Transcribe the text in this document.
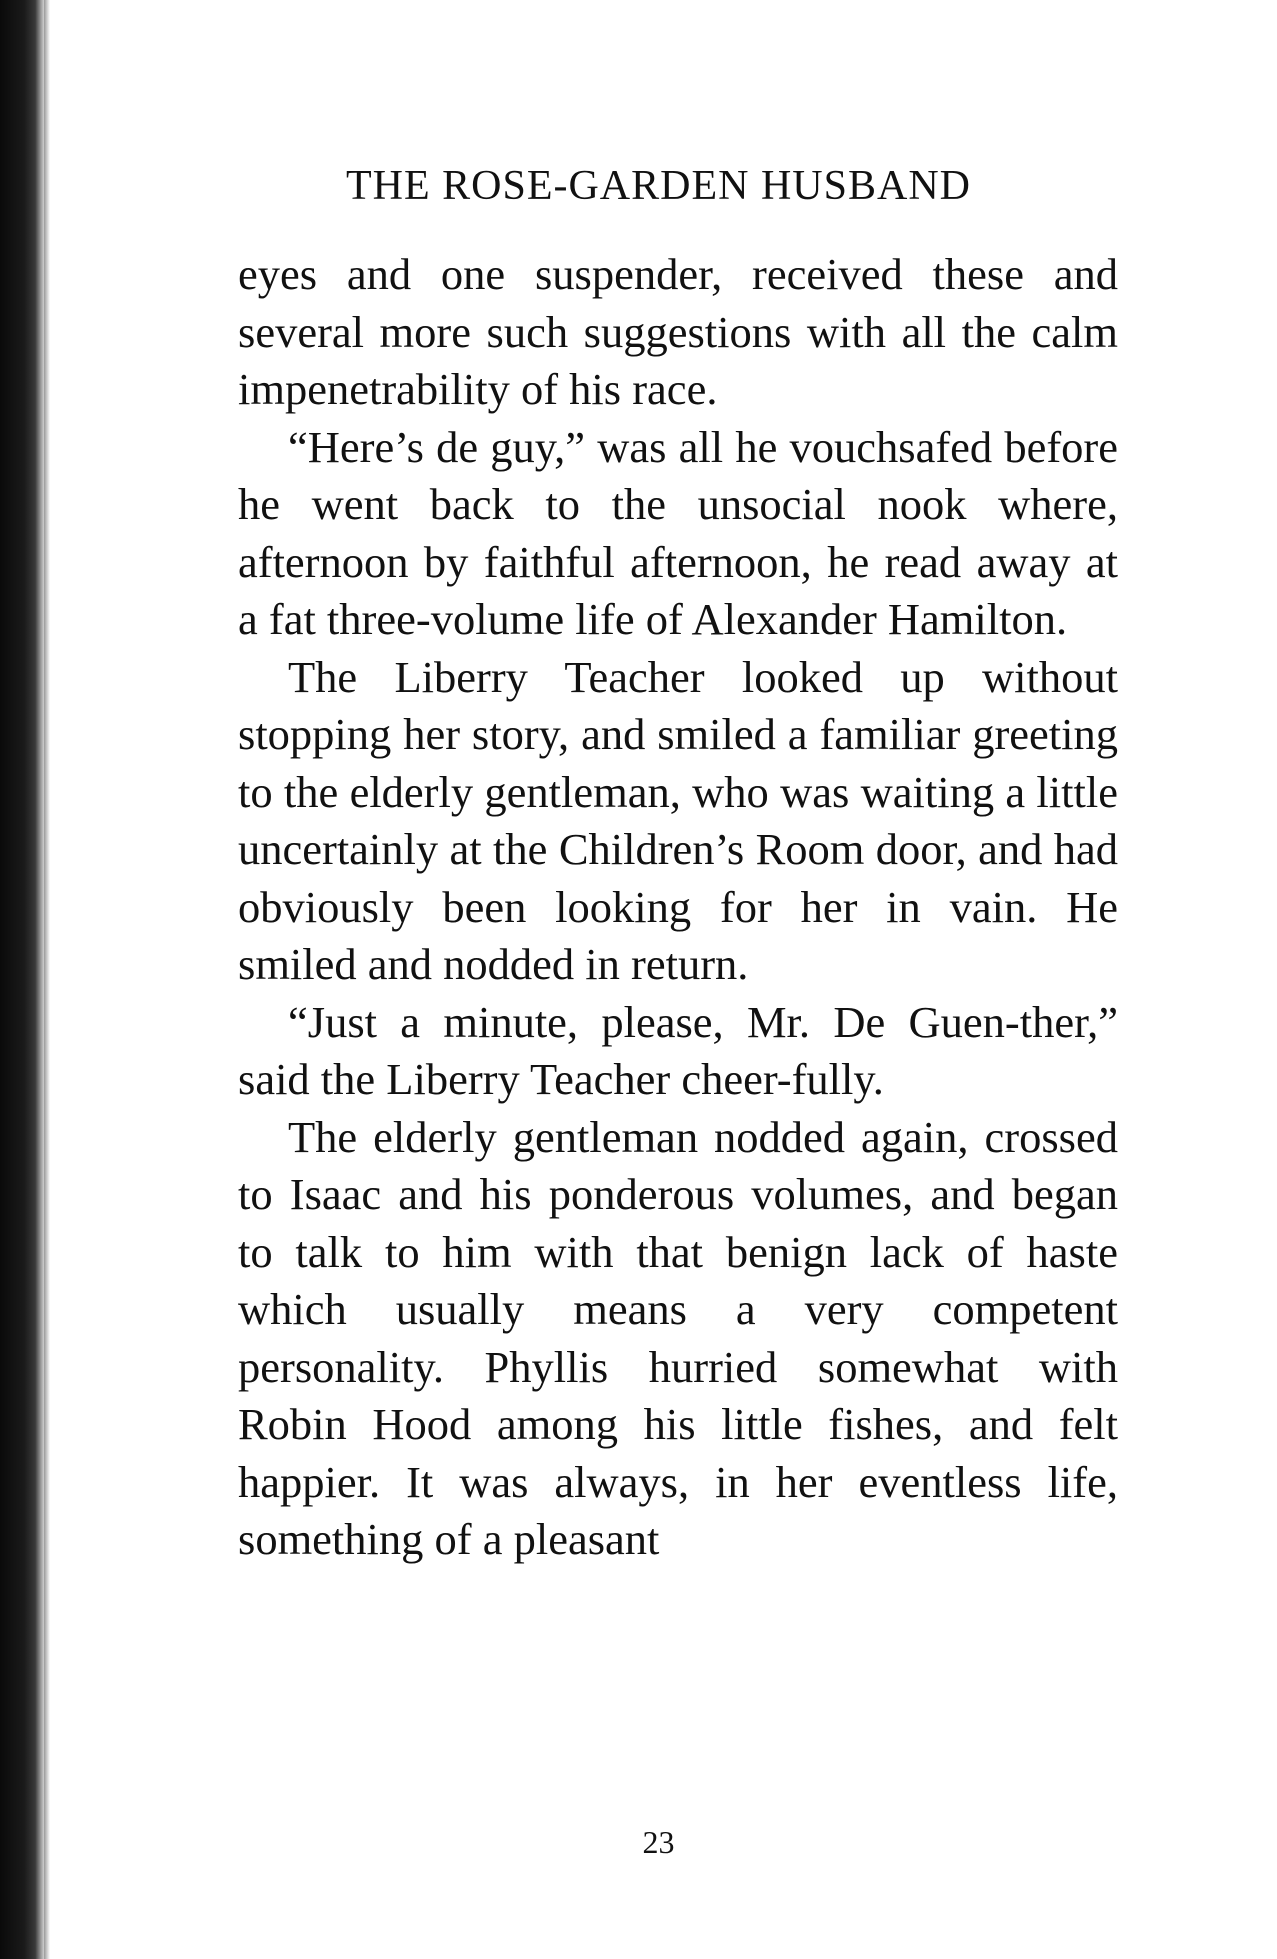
THE ROSE-GARDEN HUSBAND

eyes and one suspender, received these and several more such suggestions with all the calm impenetrability of his race.

“Here’s de guy,” was all he vouchsafed before he went back to the unsocial nook where, afternoon by faithful afternoon, he read away at a fat three-volume life of Alexander Hamilton.

The Liberry Teacher looked up without stopping her story, and smiled a familiar greeting to the elderly gentleman, who was waiting a little uncertainly at the Children’s Room door, and had obviously been looking for her in vain. He smiled and nodded in return.

“Just a minute, please, Mr. De Guen-ther,” said the Liberry Teacher cheer-fully.

The elderly gentleman nodded again, crossed to Isaac and his ponderous volumes, and began to talk to him with that benign lack of haste which usually means a very competent personality. Phyllis hurried somewhat with Robin Hood among his little fishes, and felt happier. It was always, in her eventless life, something of a pleasant

23
